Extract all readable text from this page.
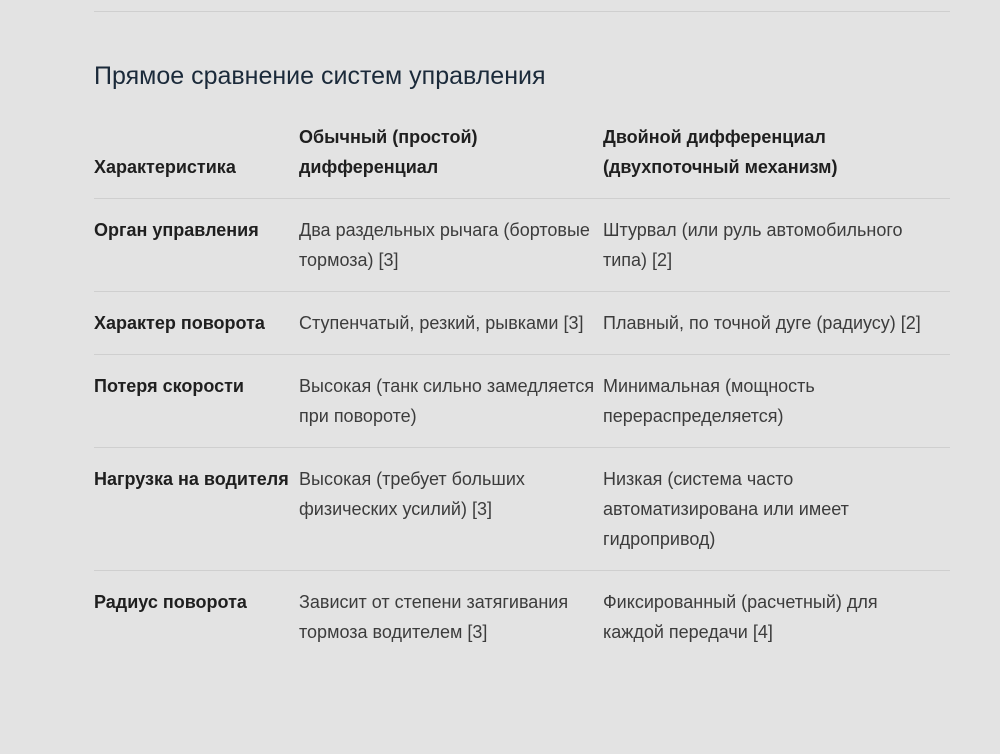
Прямое сравнение систем управления
Характеристика	Обычный (простой) дифференциал	Двойной дифференциал (двухпоточный механизм)
Орган управления	Два раздельных рычага (бортовые тормоза) [3]	Штурвал (или руль автомобильного типа) [2]
Характер поворота	Ступенчатый, резкий, рывками [3]	Плавный, по точной дуге (радиусу) [2]
Потеря скорости	Высокая (танк сильно замедляется при повороте)	Минимальная (мощность перераспределяется)
Нагрузка на водителя	Высокая (требует больших физических усилий) [3]	Низкая (система часто автоматизирована или имеет гидропривод)
Радиус поворота	Зависит от степени затягивания тормоза водителем [3]	Фиксированный (расчетный) для каждой передачи [4]
